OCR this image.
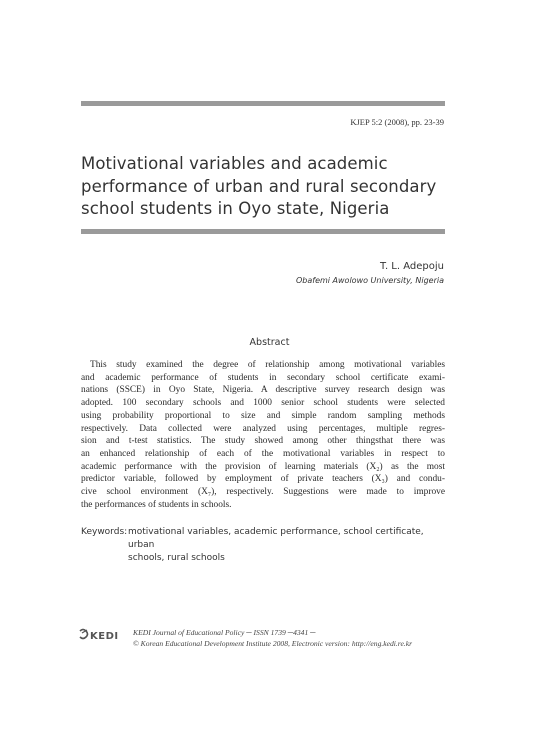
KJEP 5:2 (2008), pp. 23-39
Motivational variables and academic
performance of urban and rural secondary
school students in Oyo state, Nigeria
T. L. Adepoju
Obafemi Awolowo University, Nigeria
Abstract
This study examined the degree of relationship among motivational variables
and academic performance of students in secondary school certificate exami-
nations (SSCE) in Oyo State, Nigeria. A descriptive survey research design was
adopted. 100 secondary schools and 1000 senior school students were selected
using probability proportional to size and simple random sampling methods
respectively. Data collected were analyzed using percentages, multiple regres-
sion and t-test statistics. The study showed among other thingsthat there was
an enhanced relationship of each of the motivational variables in respect to
academic performance with the provision of learning materials (X₂) as the most
predictor variable, followed by employment of private teachers (X₃) and condu-
cive school environment (X₇), respectively. Suggestions were made to improve
the performances of students in schools.
Keywords: motivational variables, academic performance, school certificate, urban
schools, rural schools
KEDI KEDI Journal of Educational Policy ─ ISSN 1739 ─4341 ─
© Korean Educational Development Institute 2008, Electronic version: http://eng.kedi.re.kr
